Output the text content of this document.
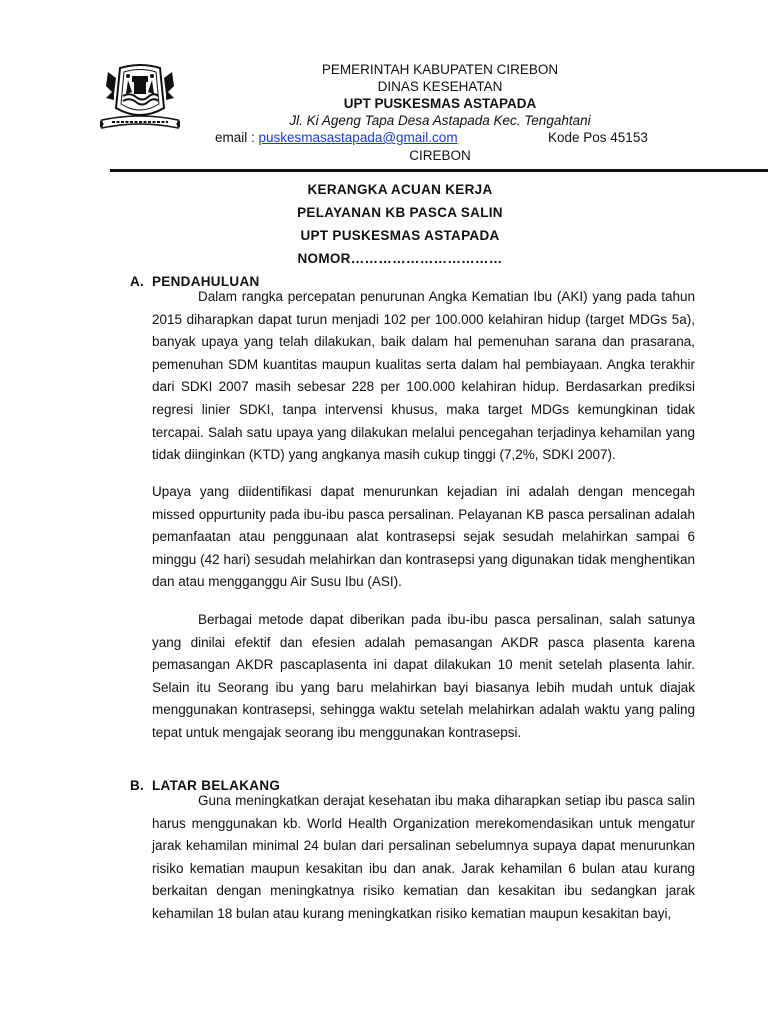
PEMERINTAH KABUPATEN CIREBON
DINAS KESEHATAN
UPT PUSKESMAS ASTAPADA
Jl. Ki Ageng Tapa Desa Astapada Kec. Tengahtani
email : puskesmasastapada@gmail.com	Kode Pos 45153
CIREBON
KERANGKA ACUAN KERJA
PELAYANAN KB PASCA SALIN
UPT PUSKESMAS ASTAPADA
NOMOR……………………………
A. PENDAHULUAN

Dalam rangka percepatan penurunan Angka Kematian Ibu (AKI) yang pada tahun 2015 diharapkan dapat turun menjadi 102 per 100.000 kelahiran hidup (target MDGs 5a), banyak upaya yang telah dilakukan, baik dalam hal pemenuhan sarana dan prasarana, pemenuhan SDM kuantitas maupun kualitas serta dalam hal pembiayaan. Angka terakhir dari SDKI 2007 masih sebesar 228 per 100.000 kelahiran hidup. Berdasarkan prediksi regresi linier SDKI, tanpa intervensi khusus, maka target MDGs kemungkinan tidak tercapai. Salah satu upaya yang dilakukan melalui pencegahan terjadinya kehamilan yang tidak diinginkan (KTD) yang angkanya masih cukup tinggi (7,2%, SDKI 2007).

Upaya yang diidentifikasi dapat menurunkan kejadian ini adalah dengan mencegah missed oppurtunity pada ibu-ibu pasca persalinan. Pelayanan KB pasca persalinan adalah pemanfaatan atau penggunaan alat kontrasepsi sejak sesudah melahirkan sampai 6 minggu (42 hari) sesudah melahirkan dan kontrasepsi yang digunakan tidak menghentikan dan atau mengganggu Air Susu Ibu (ASI).

Berbagai metode dapat diberikan pada ibu-ibu pasca persalinan, salah satunya yang dinilai efektif dan efesien adalah pemasangan AKDR pasca plasenta karena pemasangan AKDR pascaplasenta ini dapat dilakukan 10 menit setelah plasenta lahir. Selain itu Seorang ibu yang baru melahirkan bayi biasanya lebih mudah untuk diajak menggunakan kontrasepsi, sehingga waktu setelah melahirkan adalah waktu yang paling tepat untuk mengajak seorang ibu menggunakan kontrasepsi.

B. LATAR BELAKANG

Guna meningkatkan derajat kesehatan ibu maka diharapkan setiap ibu pasca salin harus menggunakan kb. World Health Organization merekomendasikan untuk mengatur jarak kehamilan minimal 24 bulan dari persalinan sebelumnya supaya dapat menurunkan risiko kematian maupun kesakitan ibu dan anak. Jarak kehamilan 6 bulan atau kurang berkaitan dengan meningkatnya risiko kematian dan kesakitan ibu sedangkan jarak kehamilan 18 bulan atau kurang meningkatkan risiko kematian maupun kesakitan bayi,
